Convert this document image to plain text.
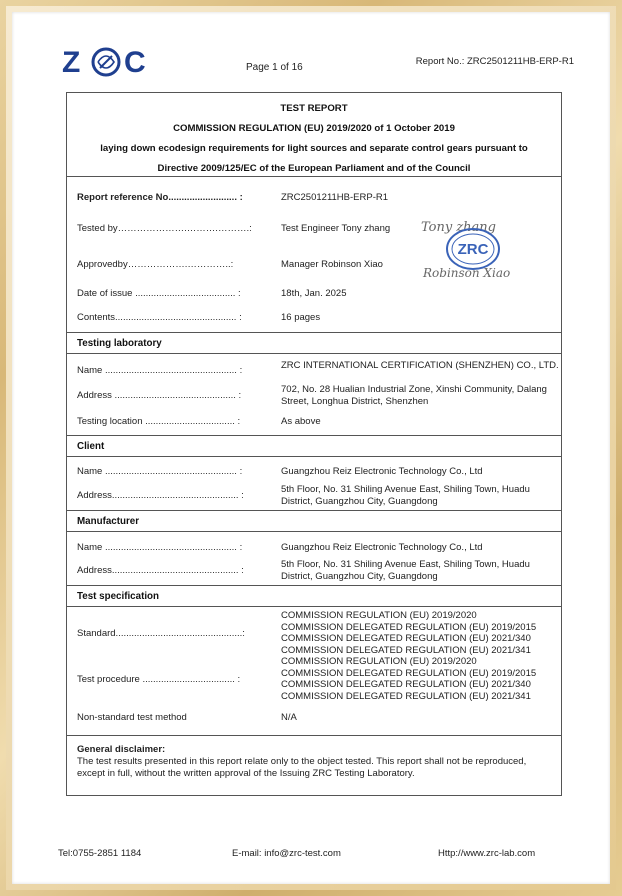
Z C	Page 1 of 16
Report No.: ZRC2501211HB-ERP-R1
TEST REPORT
COMMISSION REGULATION (EU) 2019/2020 of 1 October 2019
laying down ecodesign requirements for light sources and separate control gears pursuant to
Directive 2009/125/EC of the European Parliament and of the Council
Report reference No.......................... :	ZRC2501211HB-ERP-R1
Tested by………………….……….……….:	Test Engineer Tony zhang
Approvedby……………….…………..:	Manager Robinson Xiao
Date of issue ...................................... :	18th, Jan. 2025
Contents.............................................. :	16 pages
Tony zhang
ZRC
Robinson Xiao
Testing laboratory
Name .................................................. :	ZRC INTERNATIONAL CERTIFICATION (SHENZHEN) CO., LTD.
Address .............................................. :
702, No. 28 Hualian Industrial Zone, Xinshi Community, Dalang Street, Longhua District, Shenzhen
Testing location .................................. :	As above
Client
Name .................................................. :	Guangzhou Reiz Electronic Technology Co., Ltd
Address................................................ :
5th Floor, No. 31 Shiling Avenue East, Shiling Town, Huadu District, Guangzhou City, Guangdong
Manufacturer
Name .................................................. :	Guangzhou Reiz Electronic Technology Co., Ltd
Address................................................ :
5th Floor, No. 31 Shiling Avenue East, Shiling Town, Huadu District, Guangzhou City, Guangdong
Test specification
Standard................................................:
COMMISSION REGULATION (EU) 2019/2020
COMMISSION DELEGATED REGULATION (EU) 2019/2015
COMMISSION DELEGATED REGULATION (EU) 2021/340
COMMISSION DELEGATED REGULATION (EU) 2021/341
Test procedure ................................... :
COMMISSION REGULATION (EU) 2019/2020
COMMISSION DELEGATED REGULATION (EU) 2019/2015
COMMISSION DELEGATED REGULATION (EU) 2021/340
COMMISSION DELEGATED REGULATION (EU) 2021/341
Non-standard test method	N/A
General disclaimer:
The test results presented in this report relate only to the object tested. This report shall not be reproduced, except in full, without the written approval of the Issuing ZRC Testing Laboratory.
Tel:0755-2851 1184	E-mail: info@zrc-test.com	Http://www.zrc-lab.com
